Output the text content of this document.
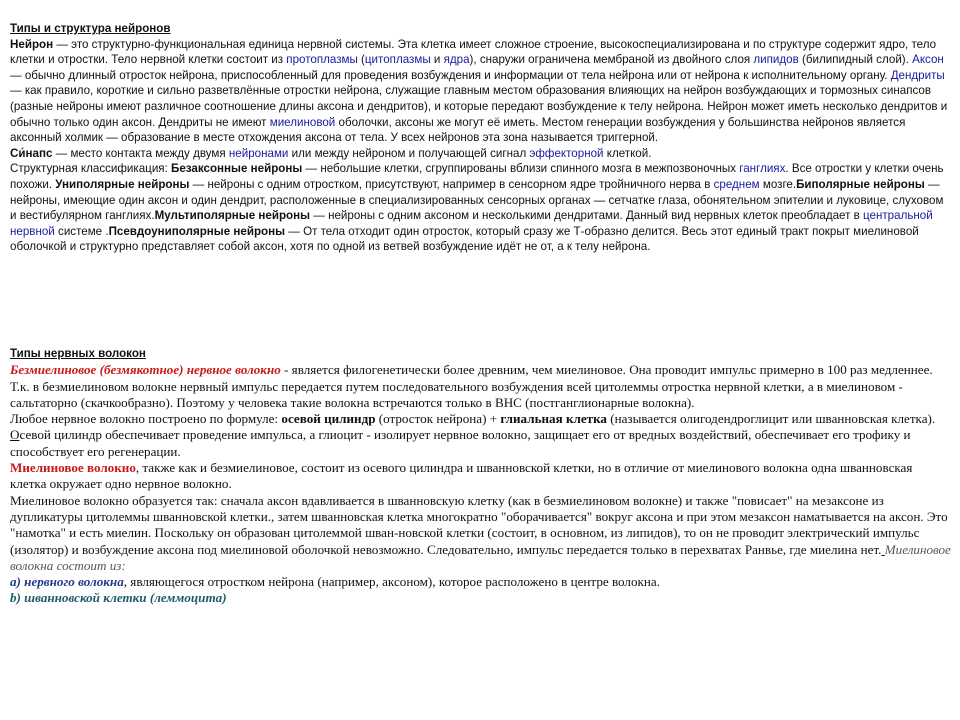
Типы и структура нейронов

Нейрон — это структурно-функциональная единица нервной системы. Эта клетка имеет сложное строение, высокоспециализирована и по структуре содержит ядро, тело клетки и отростки. Тело нервной клетки состоит из протоплазмы (цитоплазмы и ядра), снаружи ограничена мембраной из двойного слоя липидов (билипидный слой). Аксон — обычно длинный отросток нейрона, приспособленный для проведения возбуждения и информации от тела нейрона или от нейрона к исполнительному органу. Дендриты — как правило, короткие и сильно разветвлённые отростки нейрона, служащие главным местом образования влияющих на нейрон возбуждающих и тормозных синапсов (разные нейроны имеют различное соотношение длины аксона и дендритов), и которые передают возбуждение к телу нейрона. Нейрон может иметь несколько дендритов и обычно только один аксон. Дендриты не имеют миелиновой оболочки, аксоны же могут её иметь. Местом генерации возбуждения у большинства нейронов является аксонный холмик — образование в месте отхождения аксона от тела. У всех нейронов эта зона называется триггерной.

Си́напс — место контакта между двумя нейронами или между нейроном и получающей сигнал эффекторной клеткой.

Структурная классификация: Безаксонные нейроны — небольшие клетки, сгруппированы вблизи спинного мозга в межпозвоночных ганглиях. Все отростки у клетки очень похожи. Униполярные нейроны — нейроны с одним отростком, присутствуют, например в сенсорном ядре тройничного нерва в среднем мозге.Биполярные нейроны — нейроны, имеющие один аксон и один дендрит, расположенные в специализированных сенсорных органах — сетчатке глаза, обонятельном эпителии и луковице, слуховом и вестибулярном ганглиях.Мультиполярные нейроны — нейроны с одним аксоном и несколькими дендритами. Данный вид нервных клеток преобладает в центральной нервной системе .Псевдоуниполярные нейроны — От тела отходит один отросток, который сразу же Т-образно делится. Весь этот единый тракт покрыт миелиновой оболочкой и структурно представляет собой аксон, хотя по одной из ветвей возбуждение идёт не от, а к телу нейрона.

Типы нервных волокон

Безмиелиновое (безмякотное) нервное волокно - является филогенетически более древним, чем миелиновое. Она проводит импульс примерно в 100 раз медленнее. Т.к. в безмиелиновом волокне нервный импульс передается путем последовательного возбуждения всей цитолеммы отростка нервной клетки, а в миелиновом - сальтаторно (скачкообразно). Поэтому у человека такие волокна встречаются только в ВНС (постганглионарные волокна).

Любое нервное волокно построено по формуле: осевой цилиндр (отросток нейрона) + глиальная клетка (называется олигодендроглицит или шванновская клетка). Осевой цилиндр обеспечивает проведение импульса, а глиоцит - изолирует нервное волокно, защищает его от вредных воздействий, обеспечивает его трофику и способствует его регенерации.

Миелиновое волокно, также как и безмиелиновое, состоит из осевого цилиндра и шванновской клетки, но в отличие от миелинового волокна одна шванновская клетка окружает одно нервное волокно.

Миелиновое волокно образуется так: сначала аксон вдавливается в шванновскую клетку (как в безмиелиновом волокне) и также "повисает" на мезаксоне из дупликатуры цитолеммы шванновской клетки., затем шванновская клетка многократно "оборачивается" вокруг аксона и при этом мезаксон наматывается на аксон. Это "намотка" и есть миелин. Поскольку он образован цитолеммой шван-новской клетки (состоит, в основном, из липидов), то он не проводит электрический импульс (изолятор) и возбуждение аксона под миелиновой оболочкой невозможно. Следовательно, импульс передается только в перехватах Ранвье, где миелина нет. Миелиновое волокна состоит из:

а) нервного волокна, являющегося отростком нейрона (например, аксоном), которое расположено в центре волокна.

b) шванновской клетки (леммоцита)
